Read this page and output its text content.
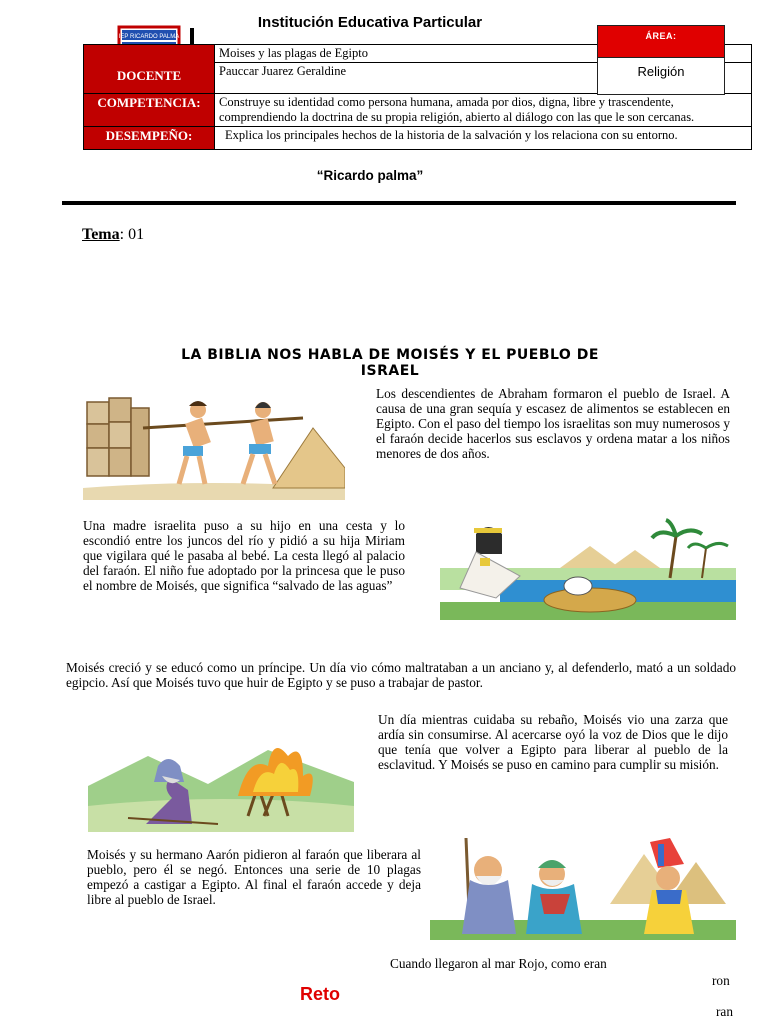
Institución Educativa Particular
IEP RICARDO PALMA
DOCENTE	Moises y las plagas de Egipto
	Pauccar Juarez Geraldine
COMPETENCIA:	Construye su identidad como persona humana, amada por dios, digna, libre y trascendente, comprendiendo la doctrina de su propia religión, abierto al diálogo con las que le son cercanas.
DESEMPEÑO:	Explica los principales hechos de la historia de la salvación y los relaciona con su entorno.
ÁREA:
Religión
“Ricardo palma”
Tema: 01
LA BIBLIA NOS HABLA DE MOISÉS Y EL PUEBLO DE ISRAEL
Los descendientes de Abraham formaron el pueblo de Israel. A causa de una gran sequía y escasez de alimentos se establecen en Egipto. Con el paso del tiempo los israelitas son muy numerosos y el faraón decide hacerlos sus esclavos y ordena matar a los niños menores de dos años.
Una madre israelita puso a su hijo en una cesta y lo escondió entre los juncos del río y pidió a su hija Miriam que vigilara qué le pasaba al bebé. La cesta llegó al palacio del faraón. El niño fue adoptado por la princesa que le puso el nombre de Moisés, que significa “salvado de las aguas”
Moisés creció y se educó como un príncipe. Un día vio cómo maltrataban a un anciano y, al defenderlo, mató a un soldado egipcio. Así que Moisés tuvo que huir de Egipto y se puso a trabajar de pastor.
Un día mientras cuidaba su rebaño, Moisés vio una zarza que ardía sin consumirse. Al acercarse oyó la voz de Dios que le dijo que tenía que volver a Egipto para liberar al pueblo de la esclavitud. Y Moisés se puso en camino para cumplir su misión.
Moisés y su hermano Aarón pidieron al faraón que liberara al pueblo, pero él se negó. Entonces una serie de 10 plagas empezó a castigar a Egipto. Al final el faraón accede y deja libre al pueblo de Israel.
Cuando llegaron al mar Rojo, como eran
ron
ran
Reto
